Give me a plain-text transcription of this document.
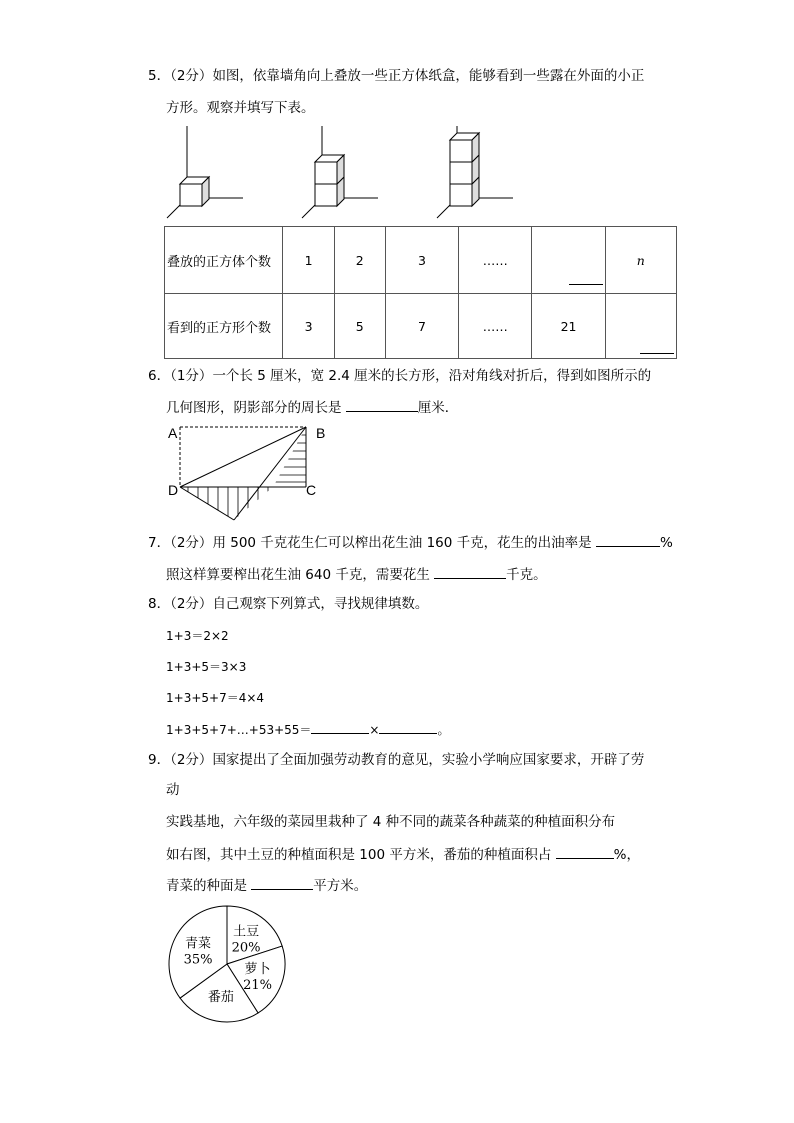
5．（2分）如图，依靠墙角向上叠放一些正方体纸盒，能够看到一些露在外面的小正
方形。观察并填写下表。
叠放的正方体个数	1	2	3	……		n
看到的正方形个数	3	5	7	……	21	
6．（1分）一个长 5 厘米，宽 2.4 厘米的长方形，沿对角线对折后，得到如图所示的
几何图形，阴影部分的周长是	厘米．
A	B
C
D
7．（2分）用 500 千克花生仁可以榨出花生油 160 千克，花生的出油率是	%
照这样算要榨出花生油 640 千克，需要花生	千克。
8．（2分）自己观察下列算式，寻找规律填数。
1+3＝2×2
1+3+5＝3×3
1+3+5+7＝4×4
1+3+5+7+…+53+55＝	×	。
9．（2分）国家提出了全面加强劳动教育的意见，实验小学响应国家要求，开辟了劳
动
实践基地，六年级的菜园里栽种了 4 种不同的蔬菜各种蔬菜的种植面积分布
如右图，其中土豆的种植面积是 100 平方米，番茄的种植面积占	%，
青菜的种面是	平方米。
土豆
20%
萝卜
21%
番茄
青菜
35%
